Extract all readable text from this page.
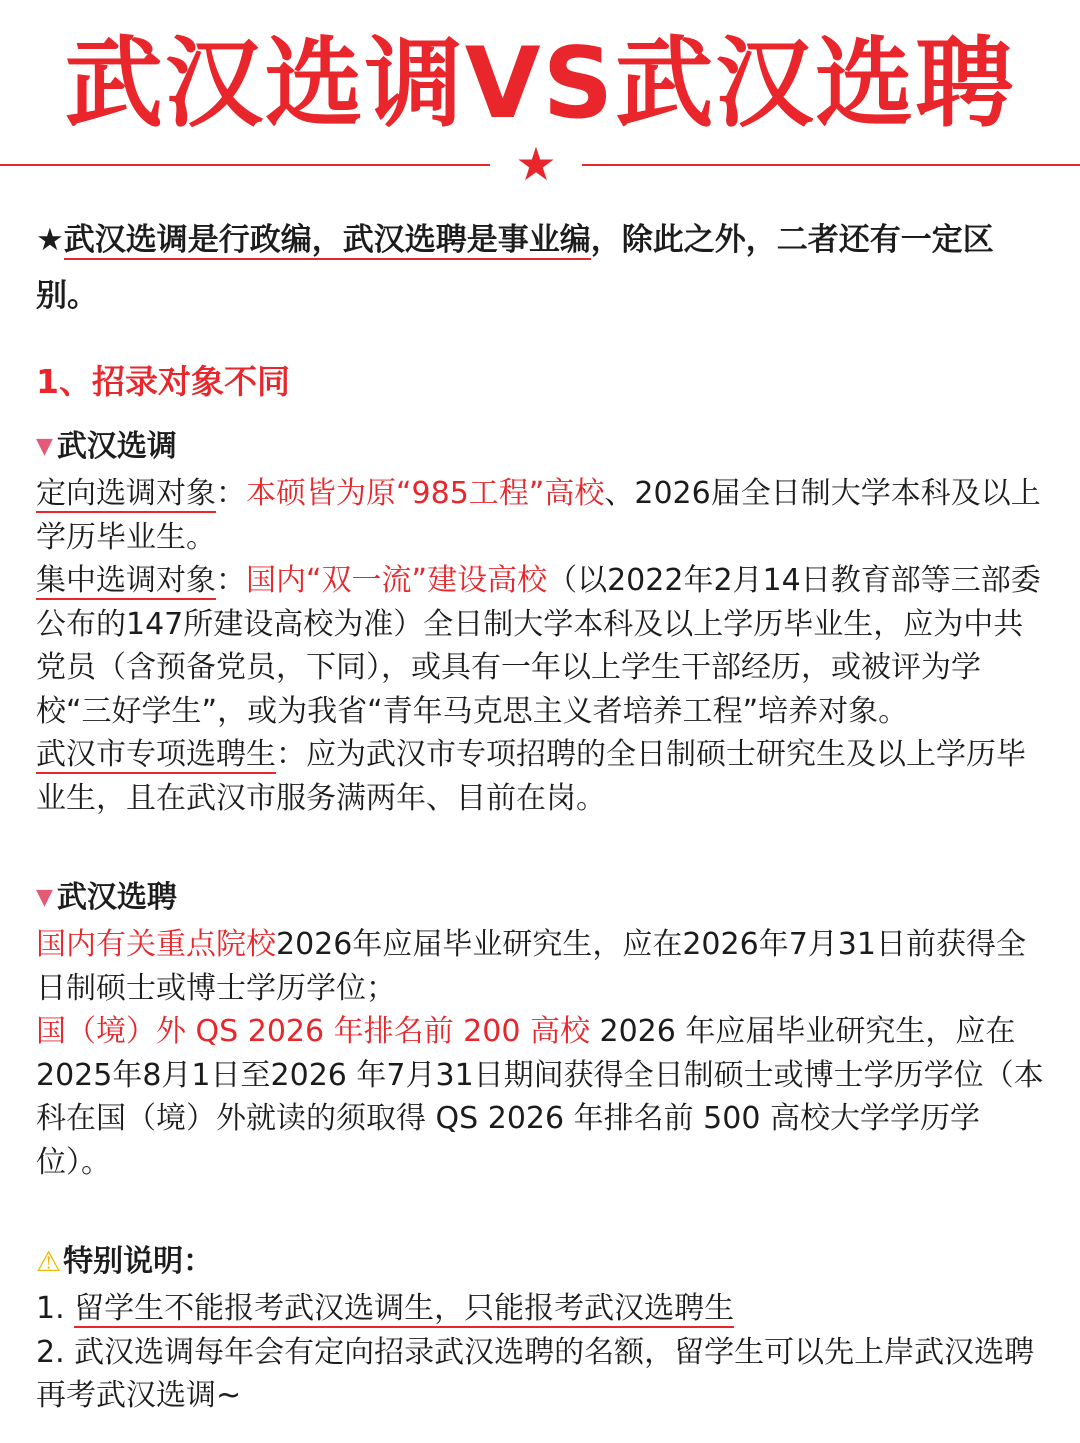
武汉选调VS武汉选聘
★

★武汉选调是行政编，武汉选聘是事业编，除此之外，二者还有一定区别。

1、招录对象不同

▼ 武汉选调

定向选调对象：本硕皆为原“985工程”高校、2026届全日制大学本科及以上学历毕业生。

集中选调对象：国内“双一流”建设高校（以2022年2月14日教育部等三部委公布的147所建设高校为准）全日制大学本科及以上学历毕业生，应为中共党员（含预备党员，下同），或具有一年以上学生干部经历，或被评为学校“三好学生”，或为我省“青年马克思主义者培养工程”培养对象。

武汉市专项选聘生：应为武汉市专项招聘的全日制硕士研究生及以上学历毕业生，且在武汉市服务满两年、目前在岗。

▼ 武汉选聘

国内有关重点院校2026年应届毕业研究生，应在2026年7月31日前获得全日制硕士或博士学历学位；

国（境）外 QS 2026 年排名前 200 高校 2026 年应届毕业研究生，应在2025年8月1日至2026 年7月31日期间获得全日制硕士或博士学历学位（本科在国（境）外就读的须取得 QS 2026 年排名前 500 高校大学学历学位）。

⚠特别说明：

1. 留学生不能报考武汉选调生，只能报考武汉选聘生

2. 武汉选调每年会有定向招录武汉选聘的名额，留学生可以先上岸武汉选聘再考武汉选调~
